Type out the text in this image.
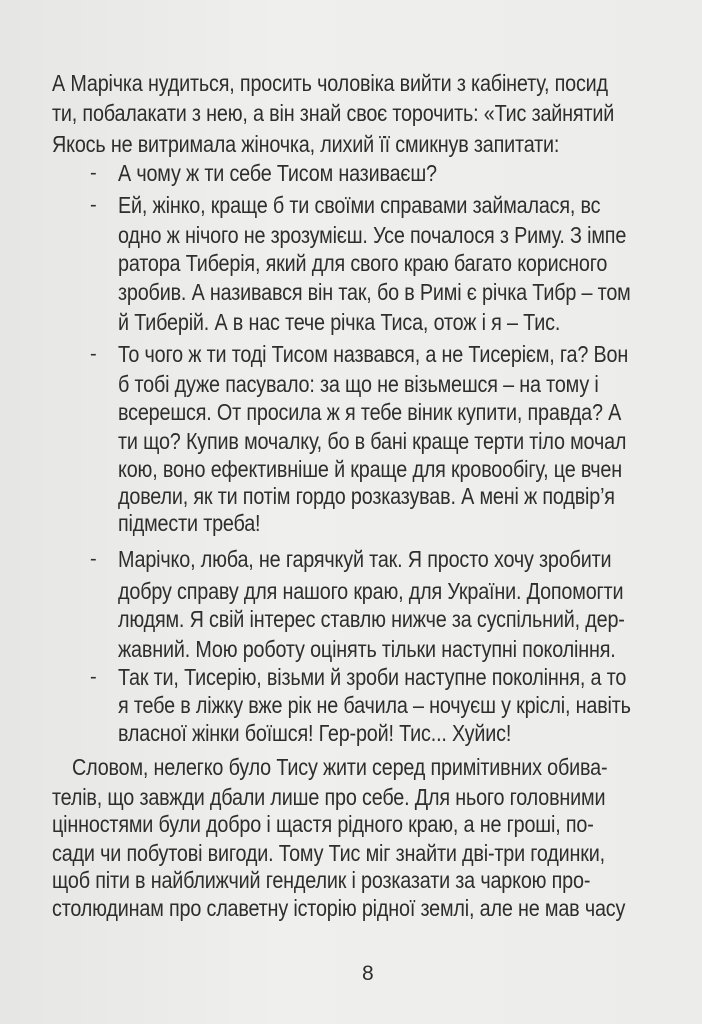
А Марічка нудиться, просить чоловіка вийти з кабінету, посид
ти, побалакати з нею, а він знай своє торочить: «Тис зайнятий
Якось не витримала жіночка, лихий її смикнув запитати:
- А чому ж ти себе Тисом називаєш?
- Ей, жінко, краще б ти своїми справами займалася, вс
одно ж нічого не зрозумієш. Усе почалося з Риму. З імпе
ратора Тиберія, який для свого краю багато корисного
зробив. А називався він так, бо в Римі є річка Тибр – том
й Тиберій. А в нас тече річка Тиса, отож і я – Тис.
- То чого ж ти тоді Тисом назвався, а не Тисерієм, га? Вон
б тобі дуже пасувало: за що не візьмешся – на тому і
всерешся. От просила ж я тебе віник купити, правда? А
ти що? Купив мочалку, бо в бані краще терти тіло мочал
кою, воно ефективніше й краще для кровообігу, це вчен
довели, як ти потім гордо розказував. А мені ж подвір’я
підмести треба!
- Марічко, люба, не гарячкуй так. Я просто хочу зробити
добру справу для нашого краю, для України. Допомогти
людям. Я свій інтерес ставлю нижче за суспільний, дер-
жавний. Мою роботу оцінять тільки наступні покоління.
- Так ти, Тисерію, візьми й зроби наступне покоління, а то
я тебе в ліжку вже рік не бачила – ночуєш у кріслі, навіть
власної жінки боїшся! Гер-рой! Тис... Хуйис!
Словом, нелегко було Тису жити серед примітивних обива-
телів, що завжди дбали лише про себе. Для нього головними
цінностями були добро і щастя рідного краю, а не гроші, по-
сади чи побутові вигоди. Тому Тис міг знайти дві-три годинки,
щоб піти в найближчий генделик і розказати за чаркою про-
столюдинам про славетну історію рідної землі, але не мав часу
8
